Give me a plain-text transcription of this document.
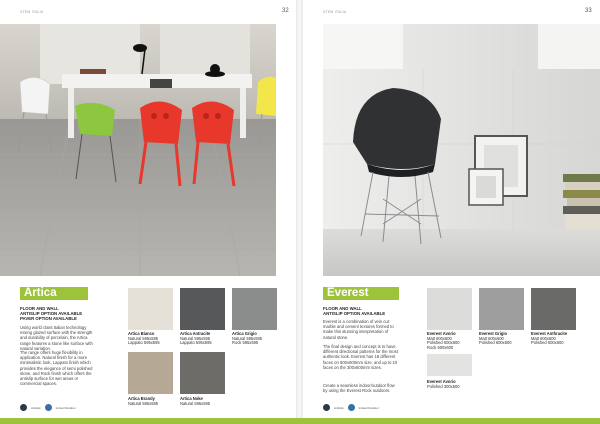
STEM ITALIA	32
Artica
FLOOR AND WALL
ANTISLIP OPTION AVAILABLE
PAVER OPTION AVAILABLE
Using world class Italian technology mixing glazed surface with the strength and durability of porcelain, the Artica range features a stone like surface with natural variation.
The range offers huge flexibility in application. Natural finish for a more minimalistic look, Lappato finish which provides the elegance of semi polished stone, and Rock finish which offers the antislip surface for wet areas or commercial spaces.
Antislip	Indoor/Outdoor
Artica Bianco
Natural 595x595
Lappato 595x595
Artica Antracite
Natural 595x595
Lappato 595x595
Artica Grigio
Natural 595x595
Rock 595x595
Artica Brandy
Natural 595x595
Artica Noke
Natural 595x595
STEM ITALIA	33
Everest
FLOOR AND WALL
ANTISLIP OPTION AVAILABLE
Everest is a combination of vein cut marble and cement textures formed to make this stunning interpretation of natural stone.
The final design and concept is to have different directional patterns for the most authentic look. Everest has 18 different faces on 600x600mm size, and up to 10 faces on the 300x600mm sizes.
Create a seamless indoor/outdoor flow by using the Everest Rock outdoors.
Antislip	Indoor/Outdoor
Everest Avorio
Matt 600x600
Polished 600x600
Rock 600x600
Everest Grigio
Matt 600x600
Polished 600x600
Everest Anthracite
Matt 600x600
Polished 600x600
Everest Avorio
Polished 300x600
